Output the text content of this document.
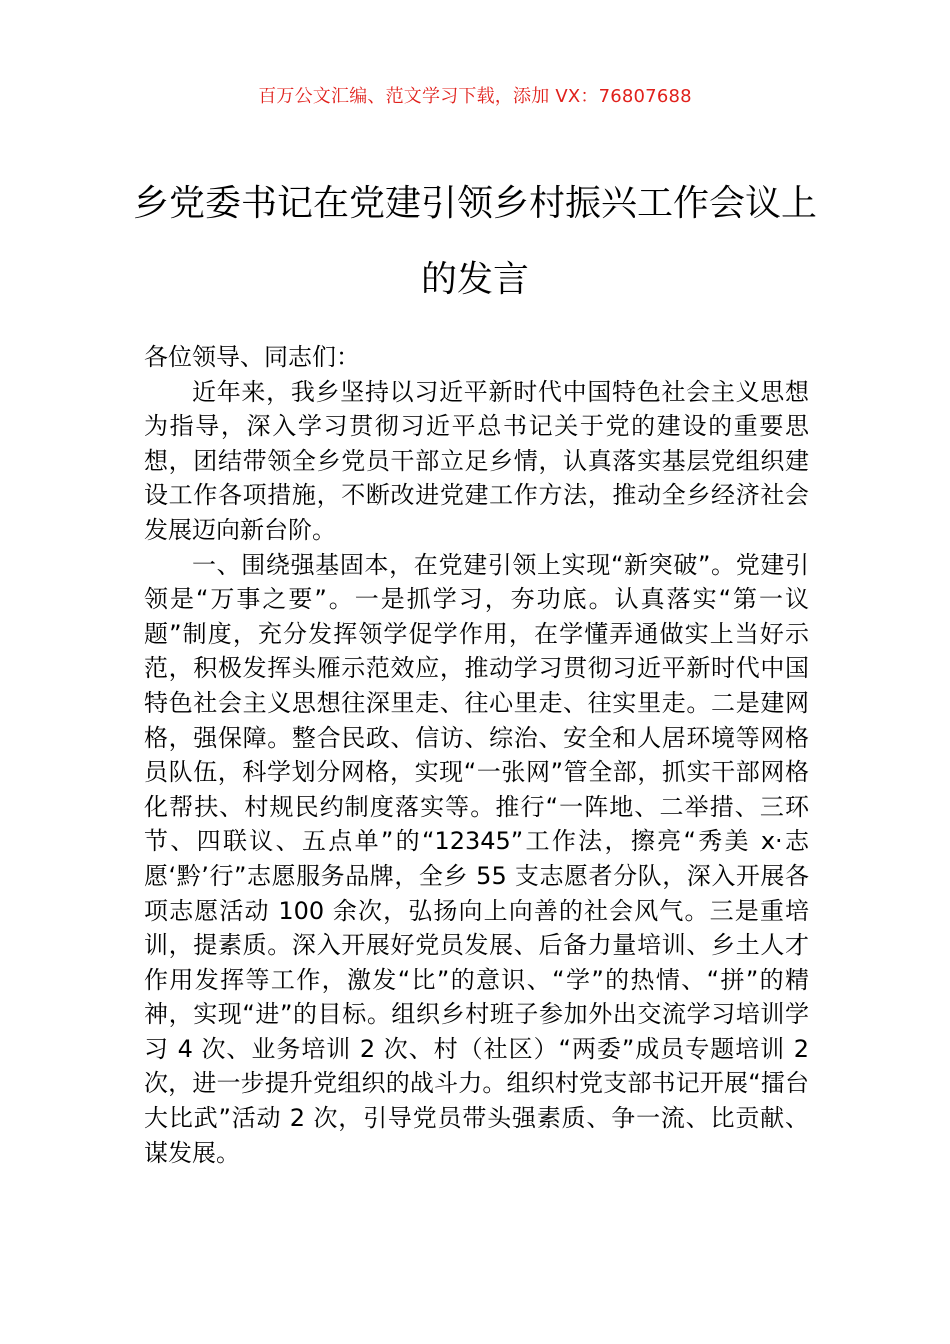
百万公文汇编、范文学习下载，添加 VX：76807688
乡党委书记在党建引领乡村振兴工作会议上的发言

各位领导、同志们：

近年来，我乡坚持以习近平新时代中国特色社会主义思想为指导，深入学习贯彻习近平总书记关于党的建设的重要思想，团结带领全乡党员干部立足乡情，认真落实基层党组织建设工作各项措施，不断改进党建工作方法，推动全乡经济社会发展迈向新台阶。

一、围绕强基固本，在党建引领上实现“新突破”。党建引领是“万事之要”。一是抓学习，夯功底。认真落实“第一议题”制度，充分发挥领学促学作用，在学懂弄通做实上当好示范，积极发挥头雁示范效应，推动学习贯彻习近平新时代中国特色社会主义思想往深里走、往心里走、往实里走。二是建网格，强保障。整合民政、信访、综治、安全和人居环境等网格员队伍，科学划分网格，实现“一张网”管全部，抓实干部网格化帮扶、村规民约制度落实等。推行“一阵地、二举措、三环节、四联议、五点单”的“12345”工作法，擦亮“秀美 x·志愿‘黔’行”志愿服务品牌，全乡 55 支志愿者分队，深入开展各项志愿活动 100 余次，弘扬向上向善的社会风气。三是重培训，提素质。深入开展好党员发展、后备力量培训、乡土人才作用发挥等工作，激发“比”的意识、“学”的热情、“拼”的精神，实现“进”的目标。组织乡村班子参加外出交流学习培训学习 4 次、业务培训 2 次、村（社区）“两委”成员专题培训 2 次，进一步提升党组织的战斗力。组织村党支部书记开展“擂台大比武”活动 2 次，引导党员带头强素质、争一流、比贡献、谋发展。
